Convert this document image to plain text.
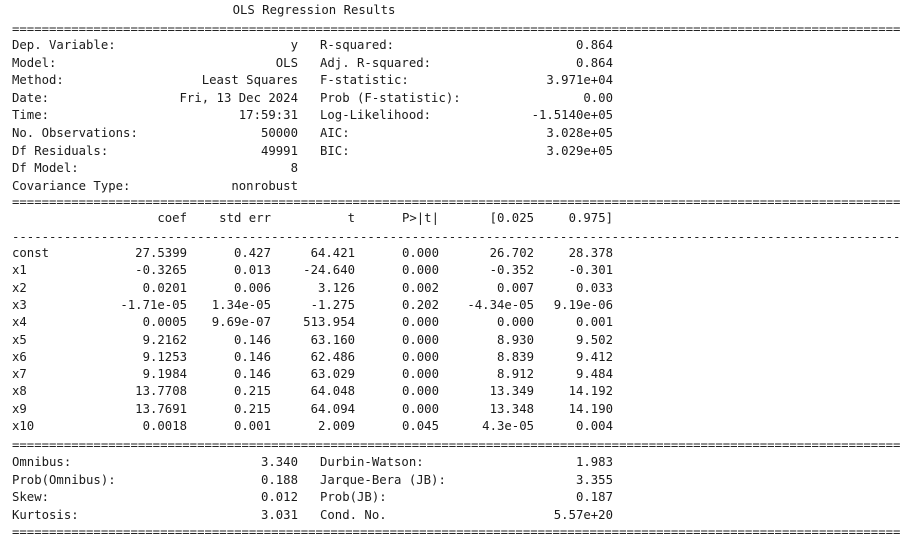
OLS Regression Results
========================================================================================================================
Dep. Variable:	y R-squared:	0.864
Model:	OLS Adj. R-squared:	0.864
Method:	Least Squares F-statistic:	3.971e+04
Date:	Fri, 13 Dec 2024 Prob (F-statistic):	0.00
Time:	17:59:31 Log-Likelihood:	-1.5140e+05
No. Observations:	50000 AIC:	3.028e+05
Df Residuals:	49991 BIC:	3.029e+05
Df Model:	8
Covariance Type:	nonrobust
========================================================================================================================
coef	std err	t	P>|t|	[0.025	0.975]
------------------------------------------------------------------------------------------------------------------------
const	27.5399	0.427	64.421	0.000	26.702	28.378
x1	-0.3265	0.013	-24.640	0.000	-0.352	-0.301
x2	0.0201	0.006	3.126	0.002	0.007	0.033
x3	-1.71e-05	1.34e-05	-1.275	0.202	-4.34e-05	9.19e-06
x4	0.0005	9.69e-07	513.954	0.000	0.000	0.001
x5	9.2162	0.146	63.160	0.000	8.930	9.502
x6	9.1253	0.146	62.486	0.000	8.839	9.412
x7	9.1984	0.146	63.029	0.000	8.912	9.484
x8	13.7708	0.215	64.048	0.000	13.349	14.192
x9	13.7691	0.215	64.094	0.000	13.348	14.190
x10	0.0018	0.001	2.009	0.045	4.3e-05	0.004
========================================================================================================================
Omnibus:	3.340 Durbin-Watson:	1.983
Prob(Omnibus):	0.188 Jarque-Bera (JB):	3.355
Skew:	0.012 Prob(JB):	0.187
Kurtosis:	3.031 Cond. No.	5.57e+20
========================================================================================================================
